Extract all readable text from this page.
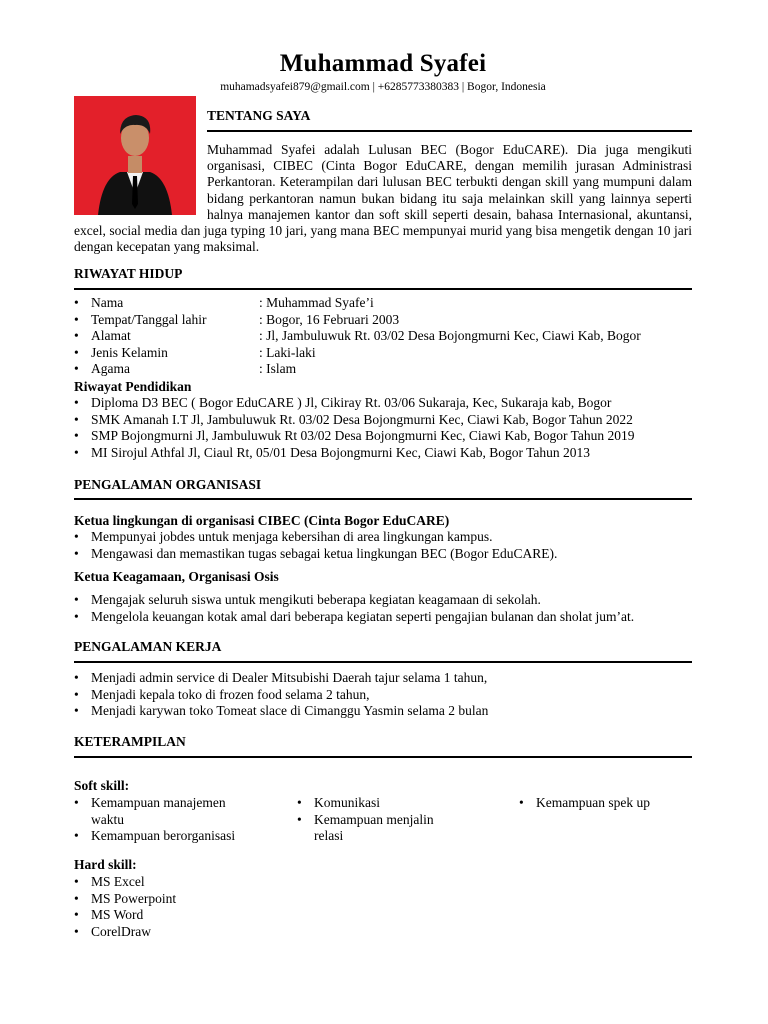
Muhammad Syafei
muhamadsyafei879@gmail.com | +6285773380383 | Bogor, Indonesia
TENTANG SAYA
Muhammad Syafei adalah Lulusan BEC (Bogor EduCARE). Dia juga mengikuti organisasi, CIBEC (Cinta Bogor EduCARE, dengan memilih jurasan Administrasi Perkantoran. Keterampilan dari lulusan BEC terbukti dengan skill yang mumpuni dalam bidang perkantoran namun bukan bidang itu saja melainkan skill yang lainnya seperti halnya manajemen kantor dan soft skill seperti desain, bahasa Internasional, akuntansi, excel, social media dan juga typing 10 jari, yang mana BEC mempunyai murid yang bisa mengetik dengan 10 jari dengan kecepatan yang maksimal.
RIWAYAT HIDUP
• Nama	: Muhammad Syafe’i
• Tempat/Tanggal lahir	: Bogor, 16 Februari 2003
• Alamat	: Jl, Jambuluwuk Rt. 03/02 Desa Bojongmurni Kec, Ciawi Kab, Bogor
• Jenis Kelamin	: Laki-laki
• Agama	: Islam
Riwayat Pendidikan
• Diploma D3 BEC ( Bogor EduCARE ) Jl, Cikiray Rt. 03/06 Sukaraja, Kec, Sukaraja kab, Bogor
• SMK Amanah I.T Jl, Jambuluwuk Rt. 03/02 Desa Bojongmurni Kec, Ciawi Kab, Bogor Tahun 2022
• SMP Bojongmurni Jl, Jambuluwuk Rt 03/02 Desa Bojongmurni Kec, Ciawi Kab, Bogor Tahun 2019
• MI Sirojul Athfal Jl, Ciaul Rt, 05/01 Desa Bojongmurni Kec, Ciawi Kab, Bogor Tahun 2013
PENGALAMAN ORGANISASI
Ketua lingkungan di organisasi CIBEC (Cinta Bogor EduCARE)
• Mempunyai jobdes untuk menjaga kebersihan di area lingkungan kampus.
• Mengawasi dan memastikan tugas sebagai ketua lingkungan BEC (Bogor EduCARE).
Ketua Keagamaan, Organisasi Osis
• Mengajak seluruh siswa untuk mengikuti beberapa kegiatan keagamaan di sekolah.
• Mengelola keuangan kotak amal dari beberapa kegiatan seperti pengajian bulanan dan sholat jum’at.
PENGALAMAN KERJA
• Menjadi admin service di Dealer Mitsubishi Daerah tajur selama 1 tahun,
• Menjadi kepala toko di frozen food selama 2 tahun,
• Menjadi karywan toko Tomeat slace di Cimanggu Yasmin selama 2 bulan
KETERAMPILAN
Soft skill:
• Kemampuan manajemen waktu
• Kemampuan berorganisasi
• Komunikasi
• Kemampuan menjalin relasi
• Kemampuan spek up
Hard skill:
• MS Excel
• MS Powerpoint
• MS Word
• CorelDraw
